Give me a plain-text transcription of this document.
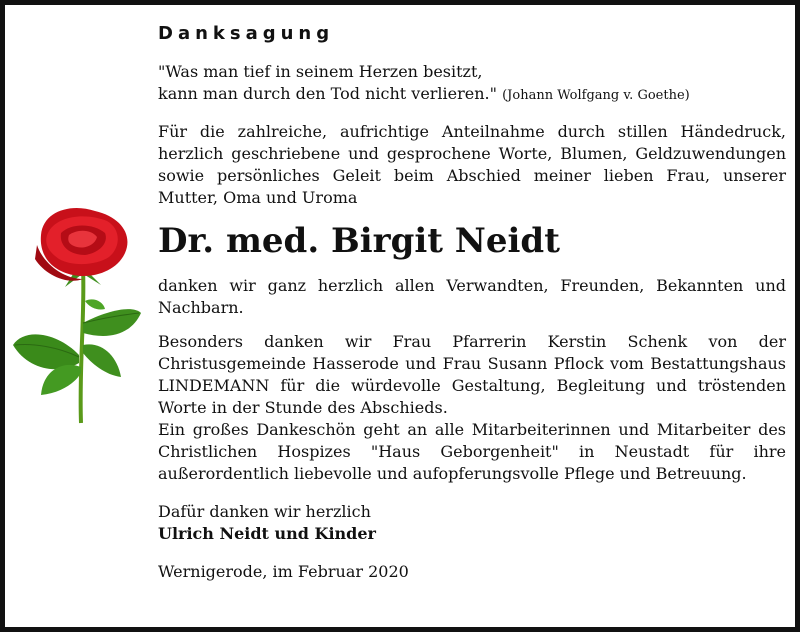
Danksagung
"Was man tief in seinem Herzen besitzt,
kann man durch den Tod nicht verlieren." (Johann Wolfgang v. Goethe)

Für die zahlreiche, aufrichtige Anteilnahme durch stillen Händedruck, herzlich geschriebene und gesprochene Worte, Blumen, Geldzuwendungen sowie persönliches Geleit beim Abschied meiner lieben Frau, unserer Mutter, Oma und Uroma

Dr. med. Birgit Neidt

danken wir ganz herzlich allen Verwandten, Freunden, Bekannten und Nachbarn.

Besonders danken wir Frau Pfarrerin Kerstin Schenk von der Christusgemeinde Hasserode und Frau Susann Pflock vom Bestattungshaus LINDEMANN für die würdevolle Gestaltung, Begleitung und tröstenden Worte in der Stunde des Abschieds.

Ein großes Dankeschön geht an alle Mitarbeiterinnen und Mitarbeiter des Christlichen Hospizes "Haus Geborgenheit" in Neustadt für ihre außerordentlich liebevolle und aufopferungsvolle Pflege und Betreuung.

Dafür danken wir herzlich
Ulrich Neidt und Kinder
Wernigerode, im Februar 2020
